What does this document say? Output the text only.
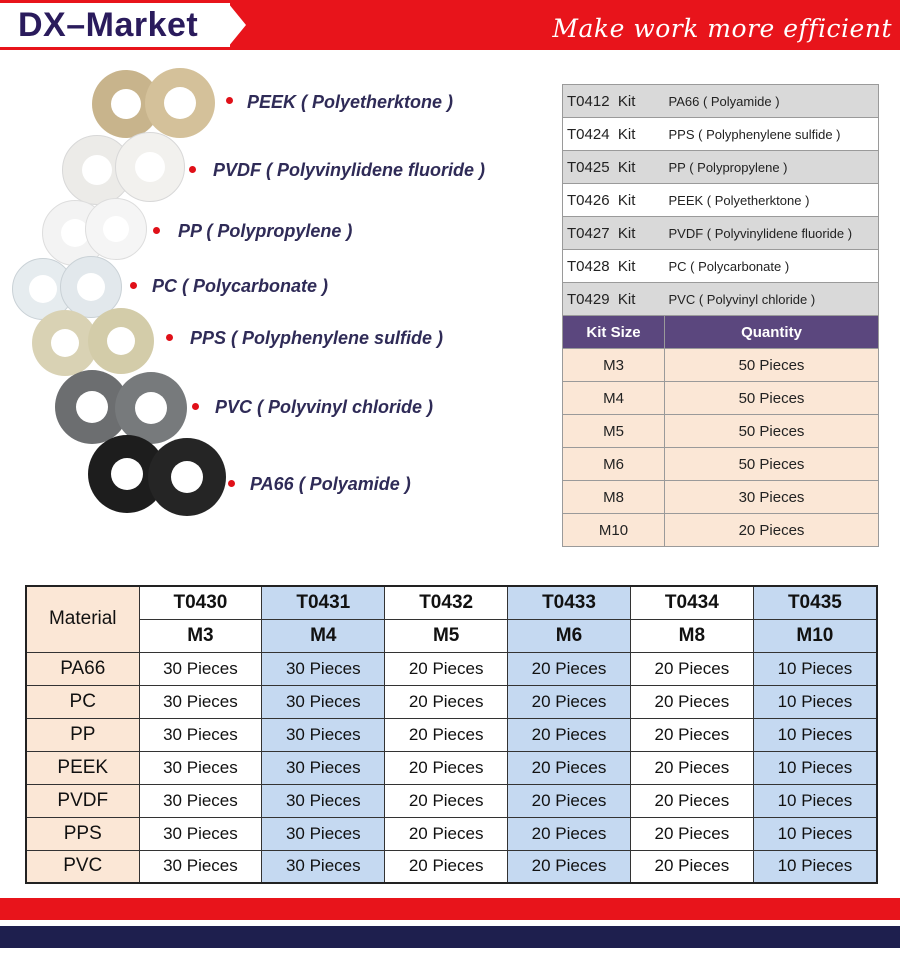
DX–Market	Make work more efficient
PEEK ( Polyetherktone )
PVDF ( Polyvinylidene fluoride )
PP ( Polypropylene )
PC ( Polycarbonate )
PPS ( Polyphenylene sulfide )
PVC ( Polyvinyl chloride )
PA66 ( Polyamide )
T0412 Kit	PA66 ( Polyamide )
T0424 Kit	PPS ( Polyphenylene sulfide )
T0425 Kit	PP ( Polypropylene )
T0426 Kit	PEEK ( Polyetherktone )
T0427 Kit	PVDF ( Polyvinylidene fluoride )
T0428 Kit	PC ( Polycarbonate )
T0429 Kit	PVC ( Polyvinyl chloride )
Kit Size	Quantity
M3	50 Pieces
M4	50 Pieces
M5	50 Pieces
M6	50 Pieces
M8	30 Pieces
M10	20 Pieces
Material	T0430	T0431	T0432	T0433	T0434	T0435
	M3	M4	M5	M6	M8	M10
PA66	30 Pieces	30 Pieces	20 Pieces	20 Pieces	20 Pieces	10 Pieces
PC	30 Pieces	30 Pieces	20 Pieces	20 Pieces	20 Pieces	10 Pieces
PP	30 Pieces	30 Pieces	20 Pieces	20 Pieces	20 Pieces	10 Pieces
PEEK	30 Pieces	30 Pieces	20 Pieces	20 Pieces	20 Pieces	10 Pieces
PVDF	30 Pieces	30 Pieces	20 Pieces	20 Pieces	20 Pieces	10 Pieces
PPS	30 Pieces	30 Pieces	20 Pieces	20 Pieces	20 Pieces	10 Pieces
PVC	30 Pieces	30 Pieces	20 Pieces	20 Pieces	20 Pieces	10 Pieces
